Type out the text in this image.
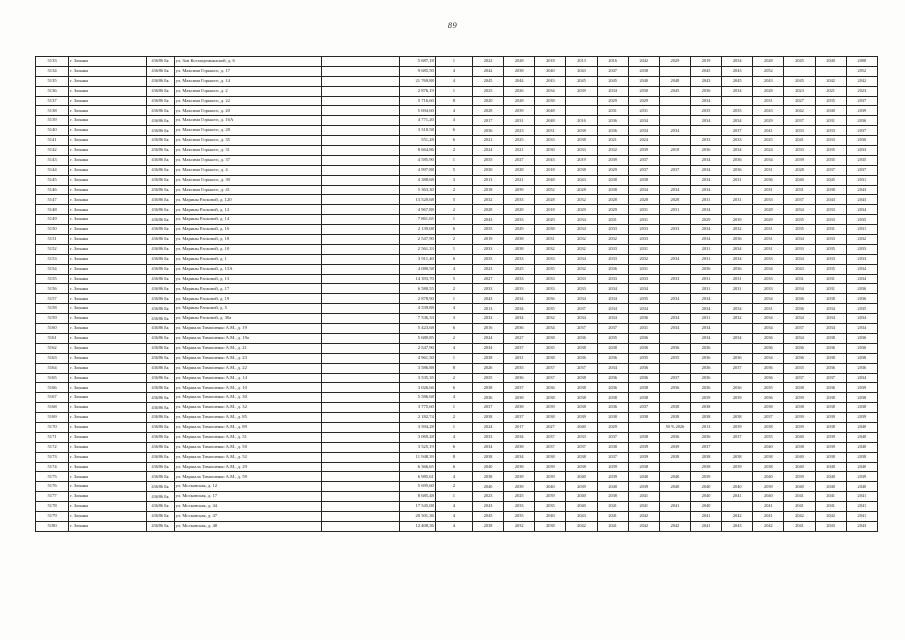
89
5133	г. Злынка	436/86 Бк	ул. Зои Космодемьянской, д. 6		5 687,18	1	2022	2028	2018	2013	2016	2042	2029	2019	2034	2028	2045	2040	2008
5134	г. Злынка	436/86 Бк	ул. Максима Горького, д. 17		9 685,50	4	2042	2038	2040	2043	2047	2038		2045	2043	2052			2052
5135	г. Злынка	436/86 Бк	ул. Максима Горького, д. 14		21 769,88	4	2045	2044	2043	2045	2045	2040	2048	2043	2045	2043	2045	2042	2042
5136	г. Злынка	436/86 Бк	ул. Максима Горького, д. 2		2 876,19	1	2025	2026	2034	2039	2034	2030	2045	2036	2034	2028	2023	2021	2023
5137	г. Злынка	436/86 Бк	ул. Максима Горького, д. 22		5 716,60	8	2020	2028	2038		2029	2029		2034		2031	2027	2035	2037
5138	г. Злынка	436/86 Бк	ул. Максима Горького, д. 20		5 694,60	4	2028	2039	2048		2031	2031		2035	2035	2043	2042	2040	2039
5139	г. Злынка	436/86 Бк	ул. Максима Горького, д. 16А		4 771,20	4	2017	2031	2048	2016	2036	2034		2034	2034	2029	2037	2031	2036
5140	г. Злынка	436/86 Бк	ул. Максима Горького, д. 28		3 318,58	6	2036	2023	2031	2038	2036	2034	2034		2037	2041	2033	2033	2037
5141	г. Злынка	436/86 Бк	ул. Максима Горького, д. 35		551,28	6	2021	2025	2033	2038	2021	2024		2033	2033	2025	2041	2033	2030
5142	г. Злынка	436/86 Бк	ул. Максима Горького, д. 31		8 664,86	2	2024	2021	2030	2033	2032	2039	2018	2036	2034	2024	2033	2035	2033
5143	г. Злынка	436/86 Бк	ул. Максима Горького, д. 37		4 585,90	1	2035	2027	2043	2019	2039	2037		2034	2036	2034	2039	2035	2035
5144	г. Злынка	436/86 Бк	ул. Максима Горького, д. 4		4 997,88	5	2030	2028	2018	2038	2029	2037	2037	2034	2036	2031	2028	2037	2037
5145	г. Злынка	436/86 Бк	ул. Максима Горького, д. 39		4 388,68	3	2013	2021	2048	2043	2038	2038		2034	2031	2036	2040	2045	2031
5146	г. Злынка	436/86 Бк	ул. Максима Горького, д. 41		5 363,30	2	2018	2039	2052	2028	2038	2034	2034	2034		2031	2031	2038	2043
5147	г. Злынка	436/86 Бк	ул. Марины Расковой, д. 120		13 520,68	5	2032	2033	2028	2032	2028	2028	2028	2031	2031	2033	2037	2043	2043
5148	г. Злынка	436/86 Бк	ул. Марины Расковой, д. 12		4 967,88	2	2028	2029	2018	2029	2029	2031	2031	2034		2028	2034	2033	2034
5149	г. Злынка	436/86 Бк	ул. Марины Расковой, д. 14		7 861,65	1	2043	2033	2029	2034	2031	2031		2029	2039	2029	2035	2033	2035
5150	г. Злынка	436/86 Бк	ул. Марины Расковой, д. 16		2 139,08	6	2035	2029	2038	2034	2033	2033	2033	2034	2032	2031	2035	2031	2031
5151	г. Злынка	436/86 Бк	ул. Марины Расковой, д. 18		2 547,90	2	2019	2038	2031	2032	2032	2033		2034	2036	2031	2034	2033	2032
5152	г. Злынка	436/86 Бк	ул. Марины Расковой, д. 10		2 561,33	1	2033	2038	2032	2032	2033	2031		2031	2034	2031	2033	2035	2033
5153	г. Злынка	436/86 Бк	ул. Марины Расковой, д. 1		3 911,40	6	2035	2033	2033	2034	2033	2032	2034	2031	2034	2033	2034	2033	2033
5154	г. Злынка	436/86 Бк	ул. Марины Расковой, д. 15А		4 080,58	4	2023	2025	2035	2032	2036	2031		2036	2036	2034	2043	2035	2034
5155	г. Злынка	436/86 Бк	ул. Марины Расковой, д. 13		14 393,70	5	2027	2033	2033	2033	2033	2033	2033	2031	2031	2033	2031	2031	2034
5156	г. Злынка	436/86 Бк	ул. Марины Расковой, д. 17		6 580,55	2	2033	2033	2033	2033	2034	2034		2031	2031	2033	2034	2031	2036
5157	г. Злынка	436/86 Бк	ул. Марины Расковой, д. 19		2 878,90	1	2043	2034	2036	2034	2034	2035	2034	2034		2034	2036	2038	2036
5158	г. Злынка	436/86 Бк	ул. Марины Расковой, д. 5		4 539,88	4	2013	2034	2035	2037	2034	2034		2034	2034	2031	2036	2034	2035
5159	г. Злынка	436/86 Бк	ул. Марины Расковой, д. 30а		7 536,33	3	2032	2034	2032	2034	2034	2036	2034	2031	2032	2034	2034	2034	2034
5160	г. Злынка	436/86 Бк	ул. Маршала Тимошенко А.М., д. 19		5 423,68	6	2016	2036	2034	2037	2037	2031	2034	2034		2034	2037	2034	2034
5161	г. Злынка	436/86 Бк	ул. Маршала Тимошенко А.М., д. 19а		5 680,85	2	2024	2027	2038	2036	2035	2036		2034	2034	2036	2034	2038	2036
5162	г. Злынка	436/86 Бк	ул. Маршала Тимошенко А.М., д. 21		2 547,90	4	2034	2037	2035	2038	2038	2036	2036	2036		2036	2036	2036	2036
5163	г. Злынка	436/86 Бк	ул. Маршала Тимошенко А.М., д. 23		4 961,50	1	2038	2031	2038	2036	2036	2035	2035	2036	2036	2034	2036	2038	2038
5164	г. Злынка	436/86 Бк	ул. Маршала Тимошенко А.М., д. 22		3 586,88	8	2026	2035	2037	2037	2034	2036		2036	2037	2036	2035	2036	2036
5165	г. Злынка	436/86 Бк	ул. Маршала Тимошенко А.М., д. 14		3 535,35	2	2035	2036	2037	2038	2036	2036	2037	2036		2036	2037	2037	2034
5166	г. Злынка	436/86 Бк	ул. Маршала Тимошенко А.М., д. 10		3 026,66	6	2038	2037	2036	2038	2036	2038	2036	2036	2036	2035	2038	2036	2039
5167	г. Злынка	436/86 Бк	ул. Маршала Тимошенко А.М., д. 30		5 586,68	4	2036	2038	2038	2038	2038	2038		2039	2039	2036	2039	2038	2038
5168	г. Злынка	436/86 Бк	ул. Маршала Тимошенко А.М., д. 32		3 775,60	1	2037	2038	2039	2038	2036	2037	2038	2038		2038	2038	2038	2038
5169	г. Злынка	436/86 Бк	ул. Маршала Тимошенко А.М., д. 85		2 182,74	2	2038	2037	2038	2039	2038	2038	2038	2038	2038	2037	2039	2039	2039
5170	г. Злынка	436/86 Бк	ул. Маршала Тимошенко А.М., д. 89		3 594,28	1	2024	2017	2027	2040	2029		50 % 2026	2013	2039	2038	2039	2038	2040
5171	г. Злынка	436/86 Бк	ул. Маршала Тимошенко А.М., д. 51		3 069,28	4	2033	2034	2037	2033	2037	2038	2036	2036	2037	2035	2040	2039	2040
5172	г. Злынка	436/86 Бк	ул. Маршала Тимошенко А.М., д. 50		3 525,19	6	2034	2038	2037	2037	2038	2039	2039	2037		2040	2038	2039	2040
5173	г. Злынка	436/86 Бк	ул. Маршала Тимошенко А.М., д. 52		11 948,39	8	2038	2034	2038	2038	2037	2039	2038	2038	2038	2038	2040	2038	2038
5174	г. Злынка	436/86 Бк	ул. Маршала Тимошенко А.М., д. 29		6 366,65	6	2040	2038	2039	2038	2039	2038		2038	2039	2038	2040	2040	2040
5175	г. Злынка	436/86 Бк	ул. Маршала Тимошенко А.М., д. 59		6 985,61	4	2038	2039	2039	2040	2039	2040	2040	2039		2040	2039	2040	2039
5176	г. Злынка	436/86 Бк	ул. Московская, д. 12		5 695,60	2	2040	2039	2040	2039	2040	2039	2040	2040	2040	2039	2040	2040	2040
5177	г. Злынка	436/86 Бк	ул. Московская, д. 17		8 685,48	1	2023	2025	2039	2040	2038	2041		2040	2041	2040	2041	2041	2041
5178	г. Злынка	436/86 Бк	ул. Московская, д. 44		17 545,08	4	2043	2033	2035	2040	2041	2041	2041	2040		2041	2041	2041	2041
5179	г. Злынка	436/86 Бк	ул. Московская, д. 47		20 501,36	4	2045	2035	2040	2043	2041	2042		2041	2042	2041	2042	2042	2041
5180	г. Злынка	436/86 Бк	ул. Московская, д. 48		12 408,36	4	2038	2032	2038	2042	2041	2042	2042	2041	2043	2042	2041	2043	2043
